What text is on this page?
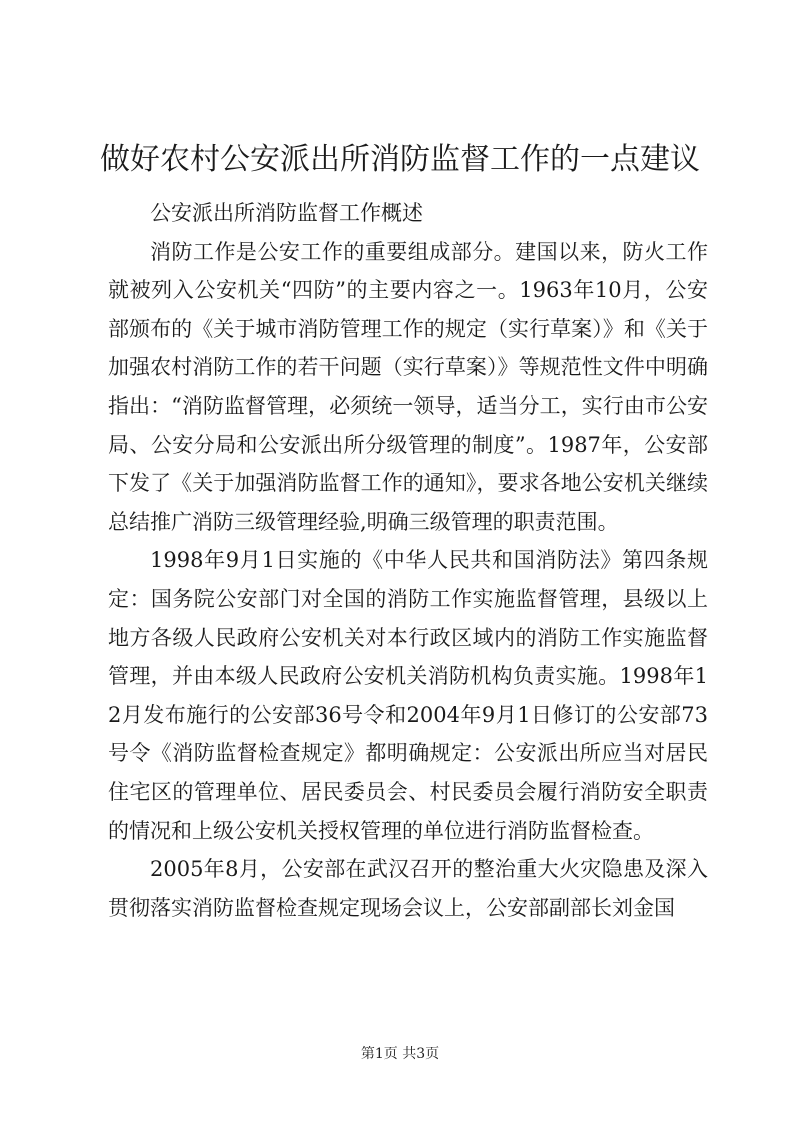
做好农村公安派出所消防监督工作的一点建议

公安派出所消防监督工作概述

消防工作是公安工作的重要组成部分。建国以来，防火工作就被列入公安机关“四防”的主要内容之一。1963年10月，公安部颁布的《关于城市消防管理工作的规定（实行草案）》和《关于加强农村消防工作的若干问题（实行草案）》等规范性文件中明确指出：“消防监督管理，必须统一领导，适当分工，实行由市公安局、公安分局和公安派出所分级管理的制度”。1987年，公安部下发了《关于加强消防监督工作的通知》，要求各地公安机关继续总结推广消防三级管理经验,明确三级管理的职责范围。

1998年9月1日实施的《中华人民共和国消防法》第四条规定：国务院公安部门对全国的消防工作实施监督管理，县级以上地方各级人民政府公安机关对本行政区域内的消防工作实施监督管理，并由本级人民政府公安机关消防机构负责实施。1998年12月发布施行的公安部36号令和2004年9月1日修订的公安部73号令《消防监督检查规定》都明确规定：公安派出所应当对居民住宅区的管理单位、居民委员会、村民委员会履行消防安全职责的情况和上级公安机关授权管理的单位进行消防监督检查。

2005年8月，公安部在武汉召开的整治重大火灾隐患及深入贯彻落实消防监督检查规定现场会议上，公安部副部长刘金国

第1页 共3页
